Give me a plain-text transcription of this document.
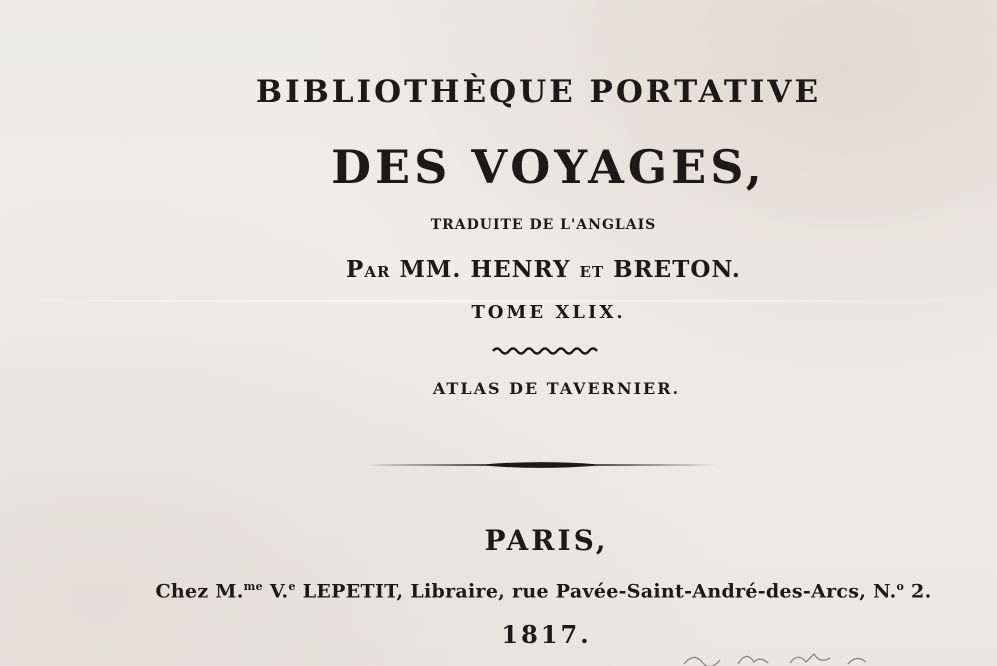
BIBLIOTHÈQUE PORTATIVE
DES VOYAGES,
TRADUITE DE L'ANGLAIS
PAR MM. HENRY ET BRETON.
TOME XLIX.
ATLAS DE TAVERNIER.
PARIS,
Chez M.$^{me}$ V.$^e$ LEPETIT, Libraire, rue Pavée-Saint-André-des-Arcs, N.$^o$ 2.
1817.
